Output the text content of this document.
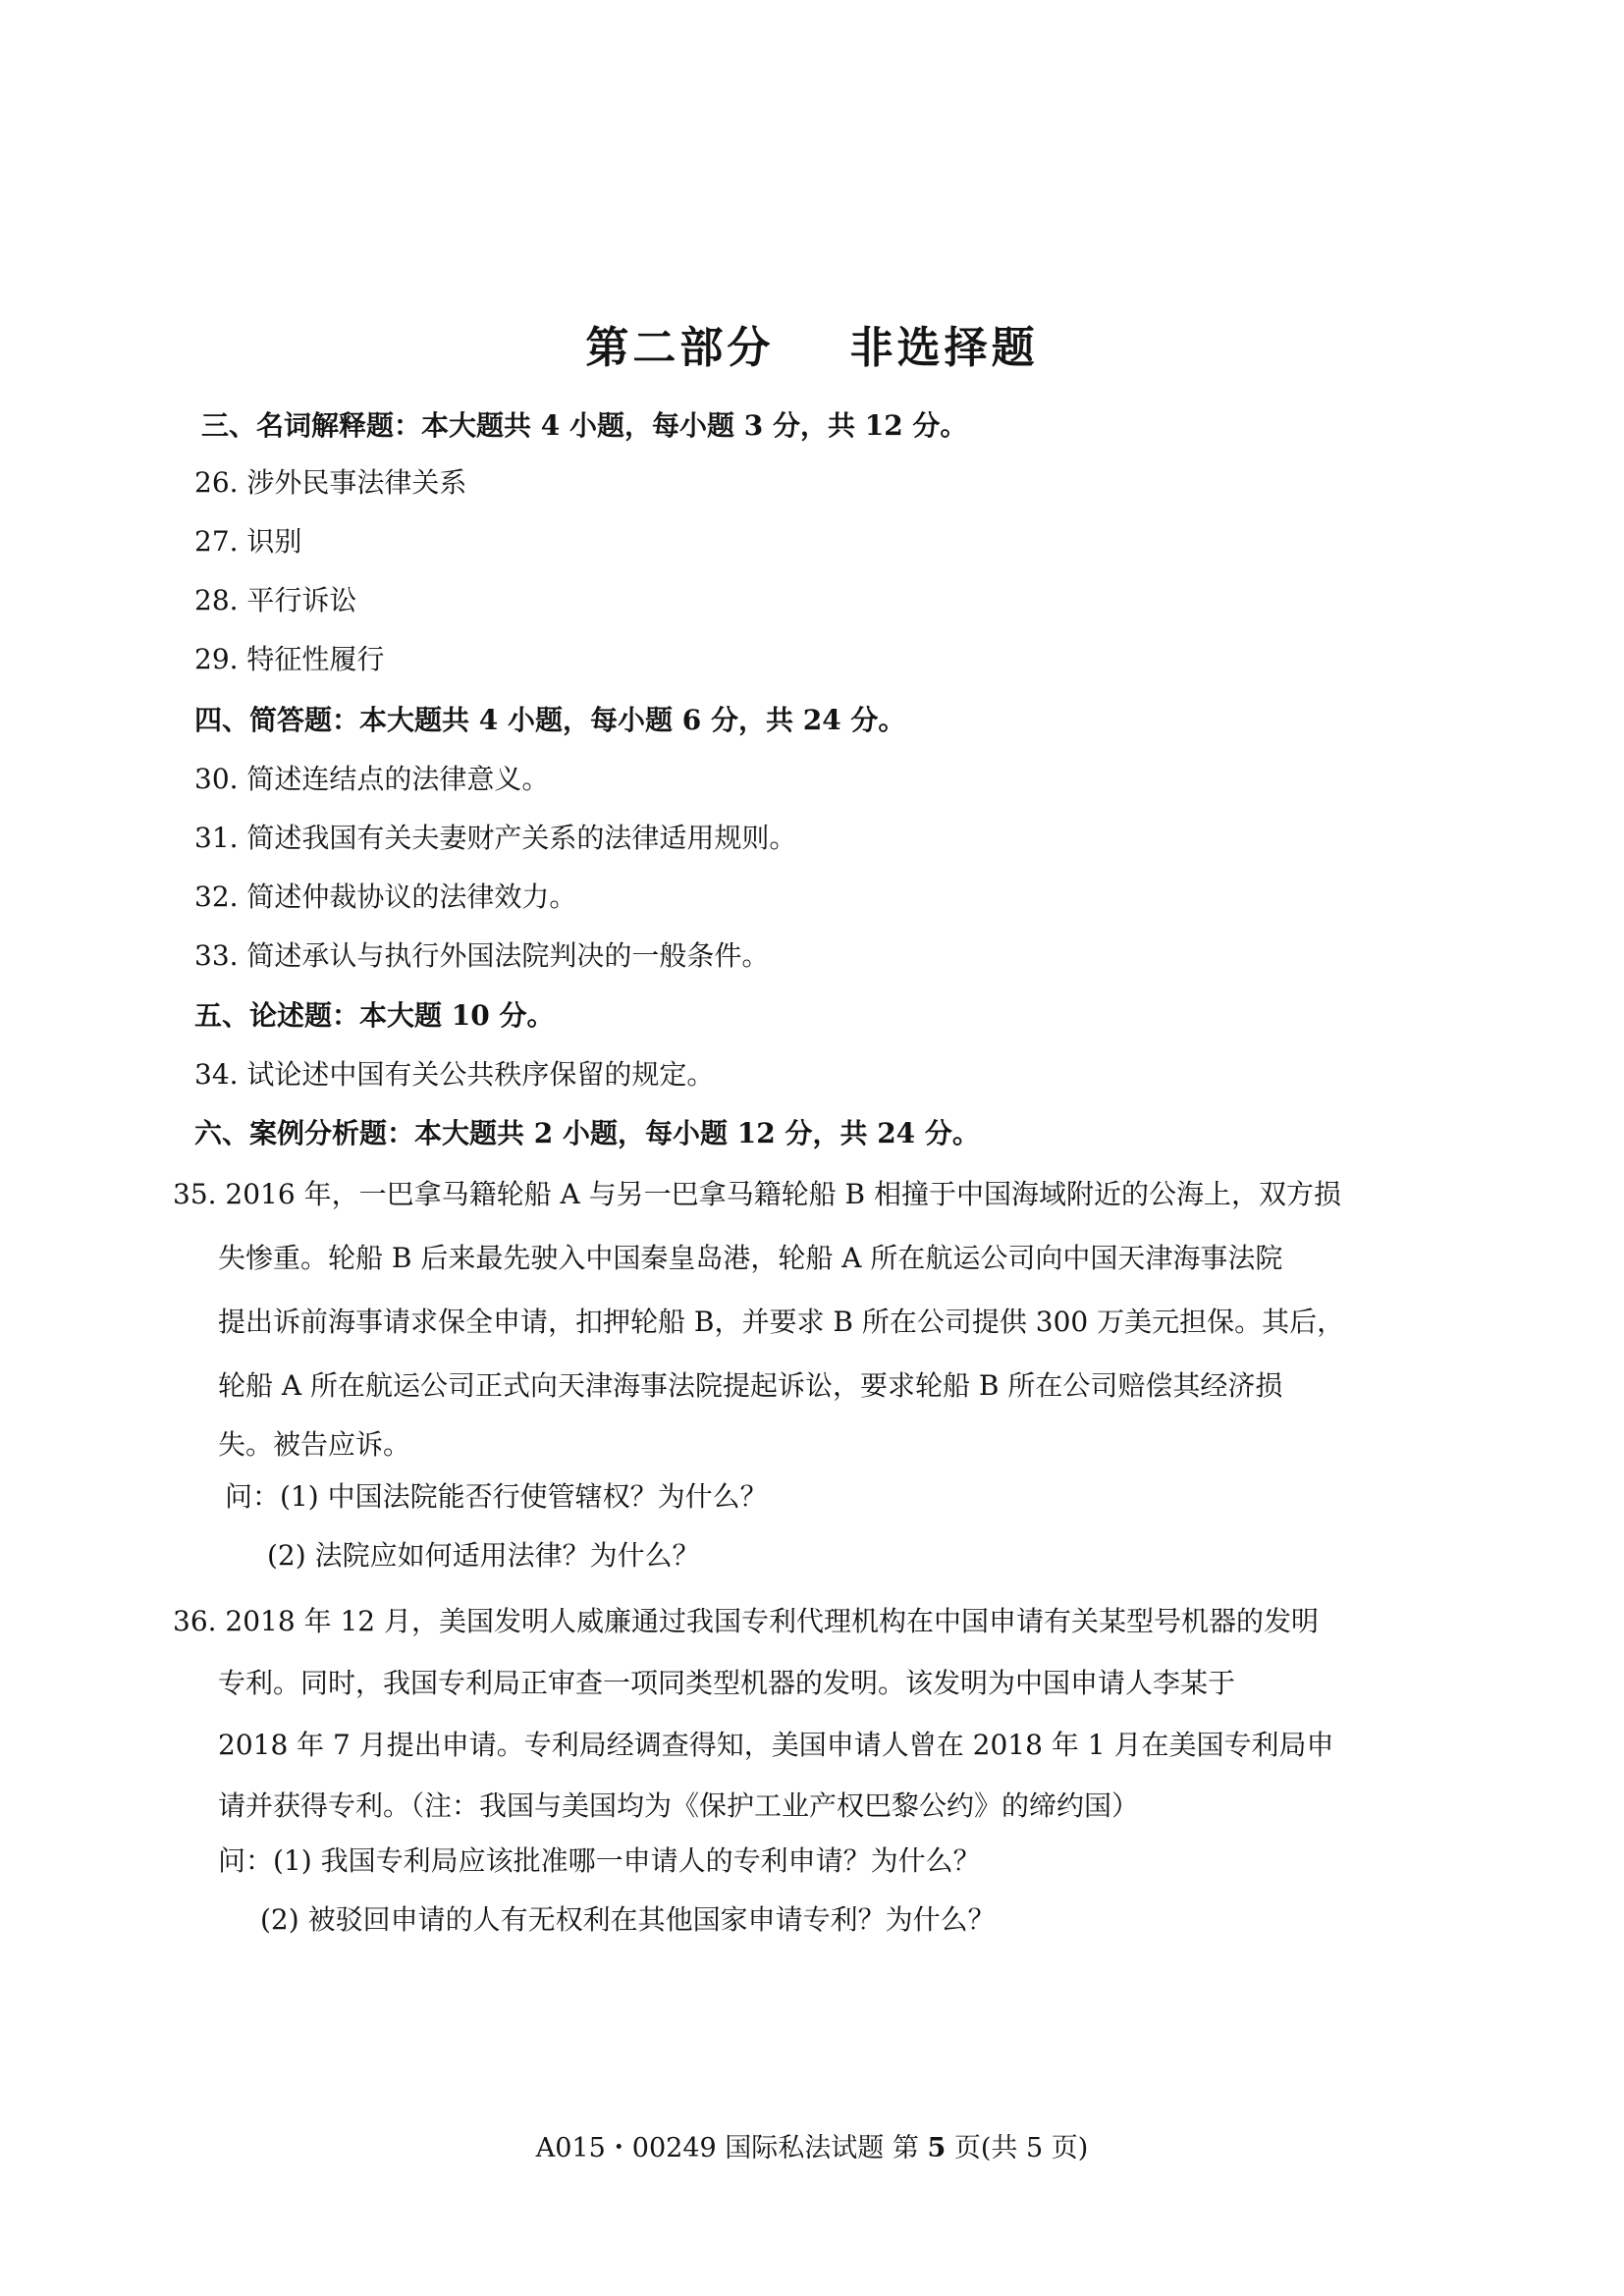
第二部分    非选择题
三、名词解释题：本大题共 4 小题，每小题 3 分，共 12 分。
26. 涉外民事法律关系
27. 识别
28. 平行诉讼
29. 特征性履行
四、简答题：本大题共 4 小题，每小题 6 分，共 24 分。
30. 简述连结点的法律意义。
31. 简述我国有关夫妻财产关系的法律适用规则。
32. 简述仲裁协议的法律效力。
33. 简述承认与执行外国法院判决的一般条件。
五、论述题：本大题 10 分。
34. 试论述中国有关公共秩序保留的规定。
六、案例分析题：本大题共 2 小题，每小题 12 分，共 24 分。
35. 2016 年，一巴拿马籍轮船 A 与另一巴拿马籍轮船 B 相撞于中国海域附近的公海上，双方损
失惨重。轮船 B 后来最先驶入中国秦皇岛港，轮船 A 所在航运公司向中国天津海事法院
提出诉前海事请求保全申请，扣押轮船 B，并要求 B 所在公司提供 300 万美元担保。其后，
轮船 A 所在航运公司正式向天津海事法院提起诉讼，要求轮船 B 所在公司赔偿其经济损
失。被告应诉。
问：(1) 中国法院能否行使管辖权？为什么？
(2) 法院应如何适用法律？为什么？
36. 2018 年 12 月，美国发明人威廉通过我国专利代理机构在中国申请有关某型号机器的发明
专利。同时，我国专利局正审查一项同类型机器的发明。该发明为中国申请人李某于
2018 年 7 月提出申请。专利局经调查得知，美国申请人曾在 2018 年 1 月在美国专利局申
请并获得专利。（注：我国与美国均为《保护工业产权巴黎公约》的缔约国）
问：(1) 我国专利局应该批准哪一申请人的专利申请？为什么？
(2) 被驳回申请的人有无权利在其他国家申请专利？为什么？
A015・00249 国际私法试题 第 5 页(共 5 页)
